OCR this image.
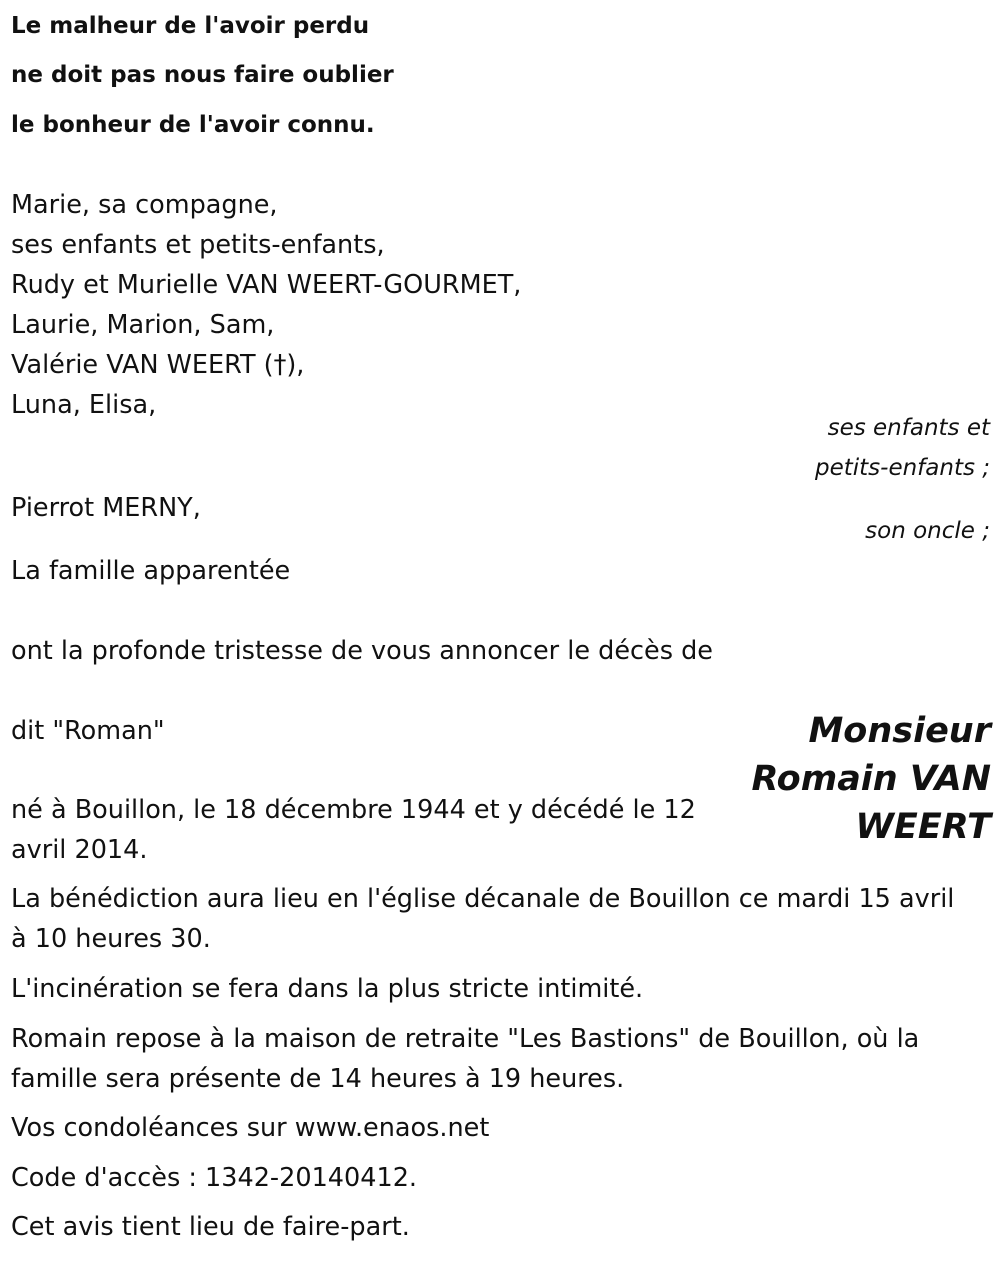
Le malheur de l'avoir perdu
ne doit pas nous faire oublier
le bonheur de l'avoir connu.
Marie, sa compagne,
ses enfants et petits-enfants,
Rudy et Murielle VAN WEERT-GOURMET,
Laurie, Marion, Sam,
Valérie VAN WEERT (†),
Luna, Elisa,
ses enfants et
petits-enfants ;
Pierrot MERNY,
son oncle ;
La famille apparentée
ont la profonde tristesse de vous annoncer le décès de
Monsieur
Romain VAN
WEERT
dit "Roman"
né à Bouillon, le 18 décembre 1944 et y décédé le 12
avril 2014.
La bénédiction aura lieu en l'église décanale de Bouillon ce mardi 15 avril
à 10 heures 30.
L'incinération se fera dans la plus stricte intimité.
Romain repose à la maison de retraite "Les Bastions" de Bouillon, où la
famille sera présente de 14 heures à 19 heures.
Vos condoléances sur www.enaos.net
Code d'accès : 1342-20140412.
Cet avis tient lieu de faire-part.
